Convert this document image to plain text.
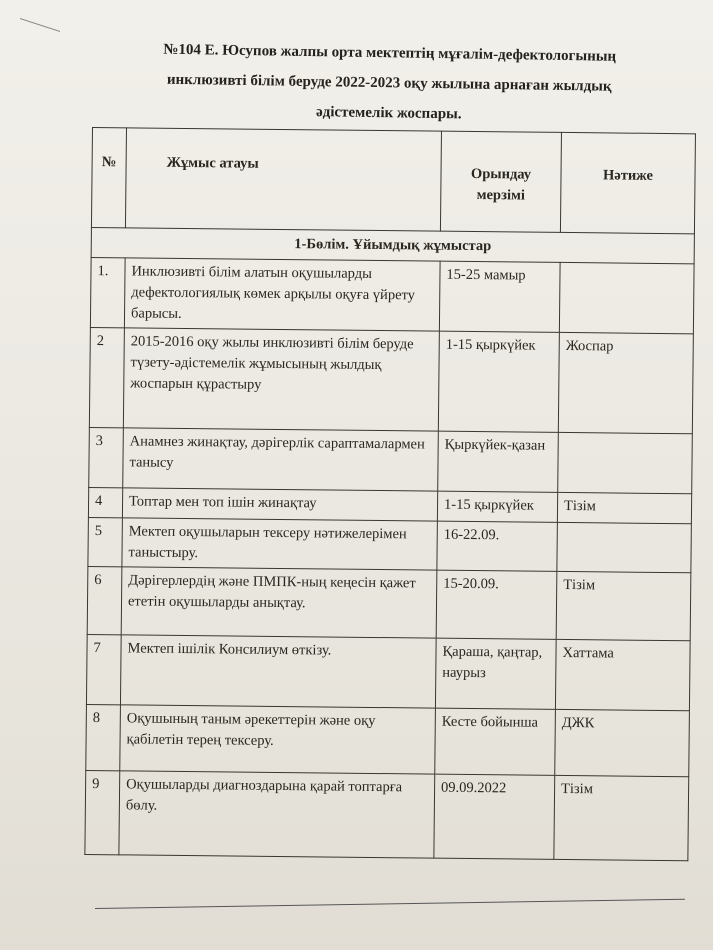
№104 Е. Юсупов жалпы орта мектептің мұғалім-дефектологының
инклюзивті білім беруде 2022-2023 оқу жылына арнаған жылдық
әдістемелік жоспары.
№	Жұмыс атауы	Орындау мерзімі	Нәтиже
1-Бөлім. Ұйымдық жұмыстар			
1.	Инклюзивті білім алатын оқушыларды дефектологиялық көмек арқылы оқуға үйрету барысы.	15-25 мамыр	
2	2015-2016 оқу жылы инклюзивті білім беруде түзету-әдістемелік жұмысының жылдық жоспарын құрастыру	1-15 қыркүйек	Жоспар
3	Анамнез жинақтау, дәрігерлік сараптамалармен танысу	Қыркүйек-қазан	
4	Топтар мен топ ішін жинақтау	1-15 қыркүйек	Тізім
5	Мектеп оқушыларын тексеру нәтижелерімен таныстыру.	16-22.09.	
6	Дәрігерлердің және ПМПК-ның кеңесін қажет ететін оқушыларды анықтау.	15-20.09.	Тізім
7	Мектеп ішілік Консилиум өткізу.	Қараша, қаңтар, наурыз	Хаттама
8	Оқушының таным әрекеттерін және оқу қабілетін терең тексеру.	Кесте бойынша	ДЖК
9	Оқушыларды диагноздарына қарай топтарға бөлу.	09.09.2022	Тізім
